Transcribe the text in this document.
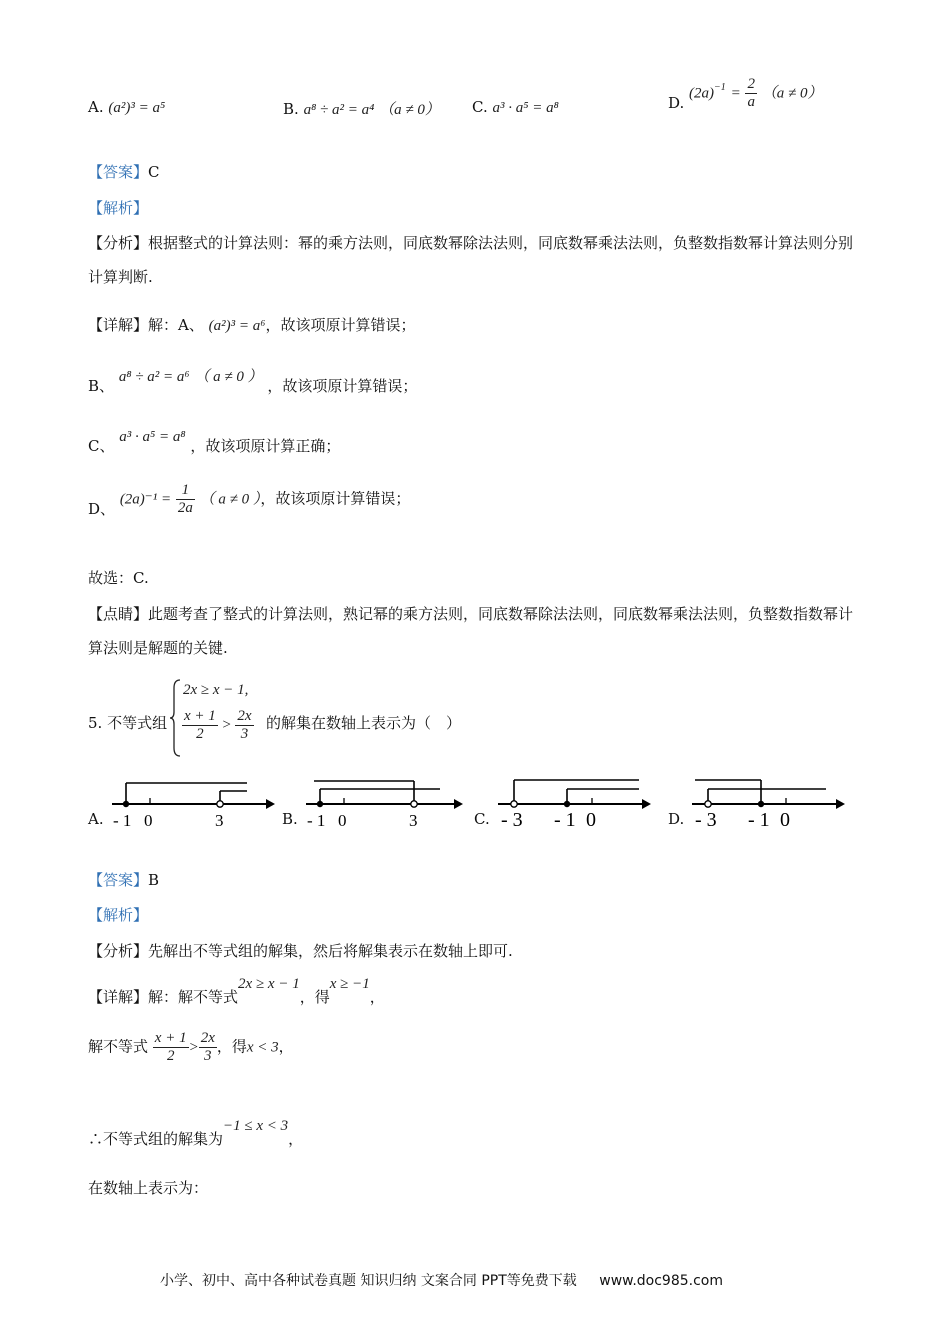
A. (a²)³ = a⁵	B. a⁸ ÷ a² = a⁴ （a ≠ 0） C. a³ · a⁵ = a⁸	D. $(2a)^{-1} = \frac{2}{a} (a \ne 0)$
【答案】C
【解析】
【分析】根据整式的计算法则：幂的乘方法则，同底数幂除法法则，同底数幂乘法法则，负整数指数幂计算法则分别计算判断.
【详解】解：A、 (a²)³ = a⁶，故该项原计算错误；
B、 a⁸ ÷ a² = a⁶ （ a ≠ 0 ） ，故该项原计算错误；
C、 a³ · a⁵ = a⁸ ，故该项原计算正确；
D、 $(2a)^{-1} = \frac{1}{2a}$ （ a ≠ 0 ），故该项原计算错误；
故选：C.
【点睛】此题考查了整式的计算法则，熟记幂的乘方法则，同底数幂除法法则，同底数幂乘法法则，负整数指数幂计算法则是解题的关键.
5. 不等式组
2x ≥ x − 1,
$\frac{x + 1}{2} > \frac{2x}{3}$ 的解集在数轴上表示为（　）
A. - 1 0	3	B. - 1 0	3	C. - 3 - 1 0	D. - 3 - 1 0
【答案】B
【解析】
【分析】先解出不等式组的解集，然后将解集表示在数轴上即可.
【详解】解：解不等式2x ≥ x − 1，得x ≥ −1，
解不等式 $\frac{x + 1}{2} > \frac{2x}{3}$ ，得x < 3，
∴不等式组的解集为−1 ≤ x < 3，
在数轴上表示为：
小学、初中、高中各种试卷真题 知识归纳 文案合同 PPT等免费下载 www.doc985.com
